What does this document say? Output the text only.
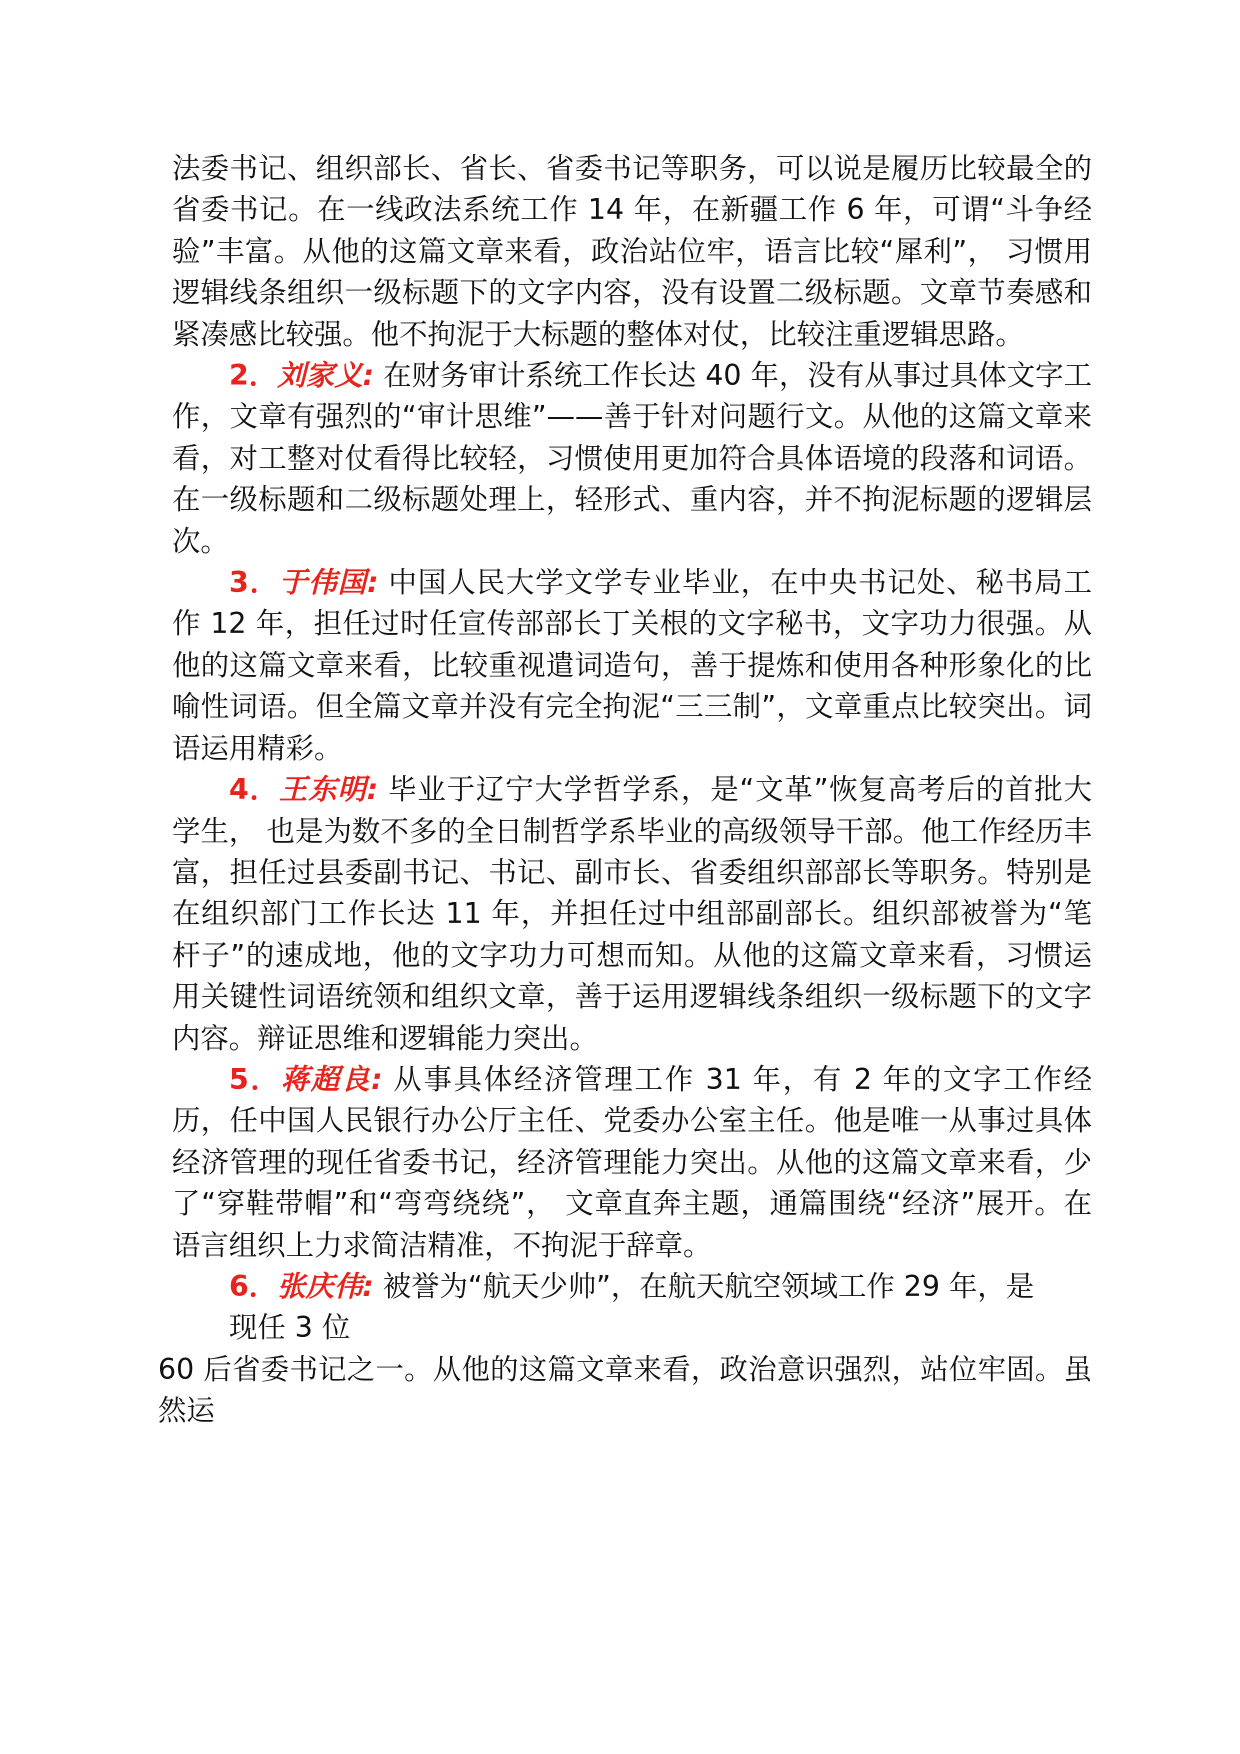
法委书记、组织部长、省长、省委书记等职务，可以说是履历比较最全的省委书记。在一线政法系统工作 14 年，在新疆工作 6 年，可谓“斗争经验”丰富。从他的这篇文章来看，政治站位牢，语言比较“犀利”， 习惯用逻辑线条组织一级标题下的文字内容，没有设置二级标题。文章节奏感和紧凑感比较强。他不拘泥于大标题的整体对仗，比较注重逻辑思路。

2．刘家义: 在财务审计系统工作长达 40 年，没有从事过具体文字工作，文章有强烈的“审计思维”——善于针对问题行文。从他的这篇文章来看，对工整对仗看得比较轻，习惯使用更加符合具体语境的段落和词语。在一级标题和二级标题处理上，轻形式、重内容，并不拘泥标题的逻辑层次。

3．于伟国: 中国人民大学文学专业毕业，在中央书记处、秘书局工作 12 年，担任过时任宣传部部长丁关根的文字秘书，文字功力很强。从他的这篇文章来看，比较重视遣词造句，善于提炼和使用各种形象化的比喻性词语。但全篇文章并没有完全拘泥“三三制”，文章重点比较突出。词语运用精彩。

4．王东明: 毕业于辽宁大学哲学系，是“文革”恢复高考后的首批大学生， 也是为数不多的全日制哲学系毕业的高级领导干部。他工作经历丰富，担任过县委副书记、书记、副市长、省委组织部部长等职务。特别是在组织部门工作长达 11 年，并担任过中组部副部长。组织部被誉为“笔杆子”的速成地，他的文字功力可想而知。从他的这篇文章来看，习惯运用关键性词语统领和组织文章，善于运用逻辑线条组织一级标题下的文字内容。辩证思维和逻辑能力突出。

5．蒋超良: 从事具体经济管理工作 31 年，有 2 年的文字工作经历，任中国人民银行办公厅主任、党委办公室主任。他是唯一从事过具体经济管理的现任省委书记，经济管理能力突出。从他的这篇文章来看，少了“穿鞋带帽”和“弯弯绕绕”， 文章直奔主题，通篇围绕“经济”展开。在语言组织上力求简洁精准，不拘泥于辞章。

6．张庆伟: 被誉为“航天少帅”，在航天航空领域工作 29 年，是

现任 3 位

60 后省委书记之一。从他的这篇文章来看，政治意识强烈，站位牢固。虽然运
